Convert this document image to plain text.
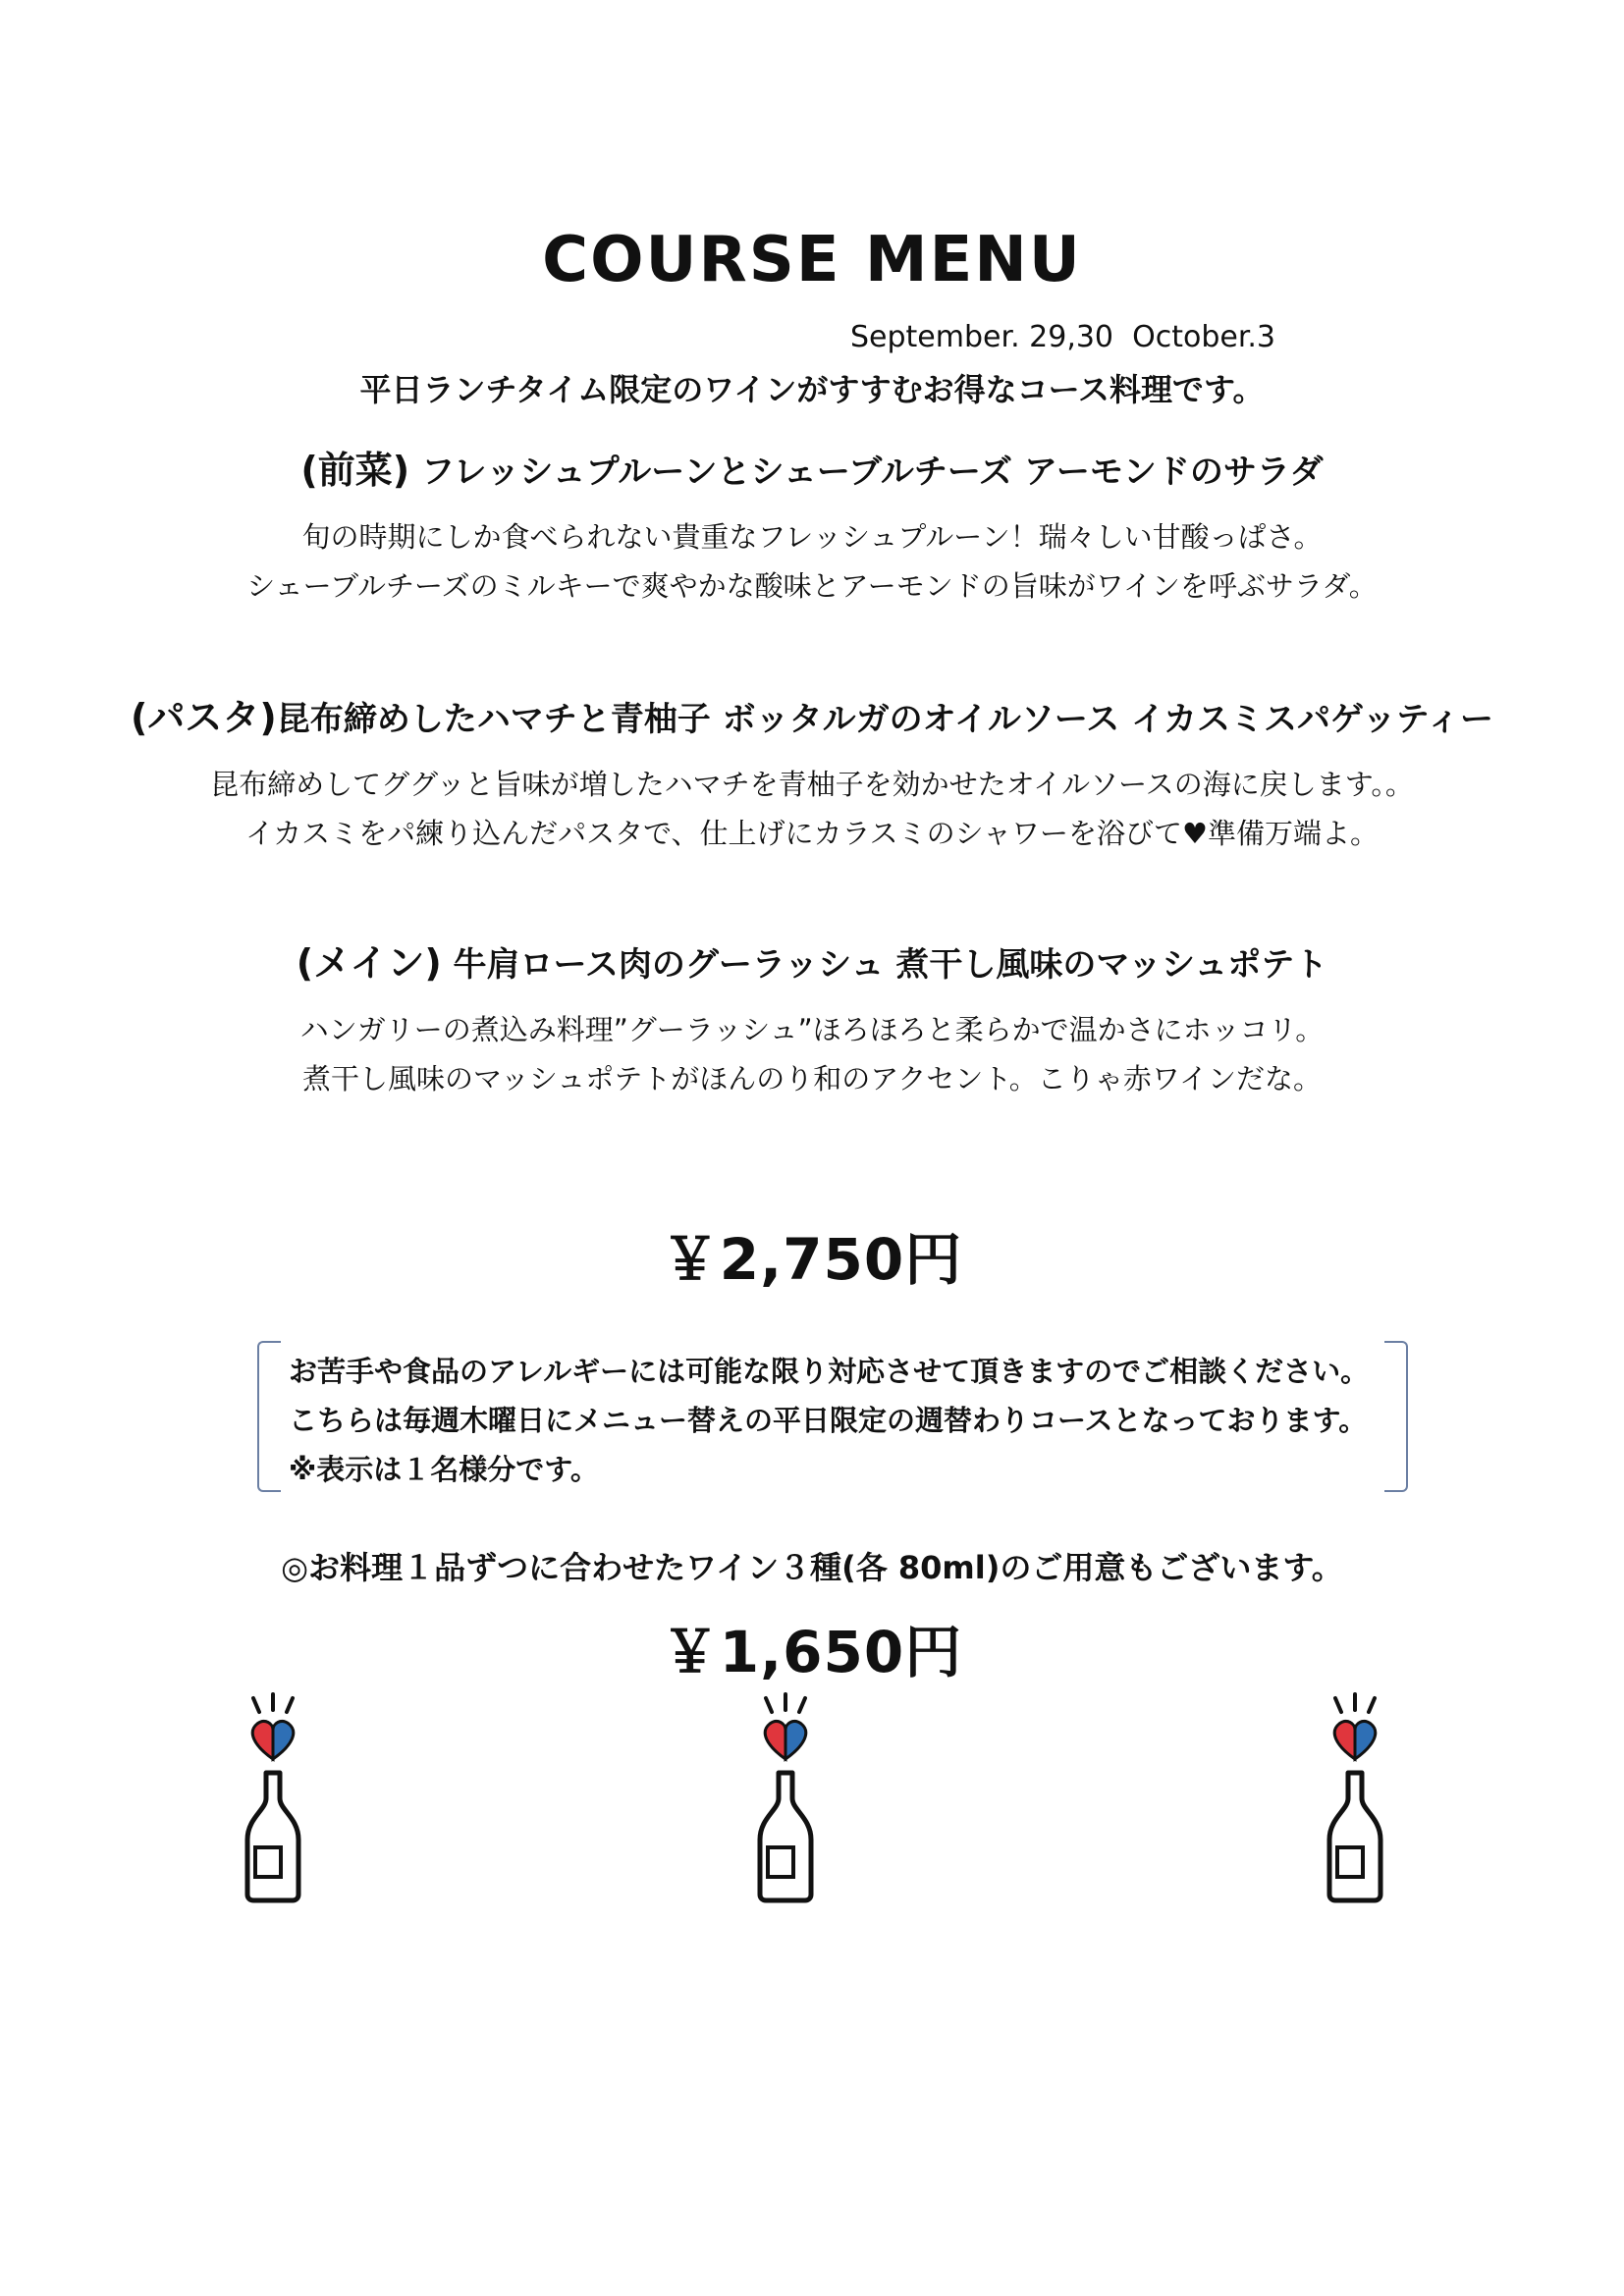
COURSE MENU
September. 29,30  October.3
平日ランチタイム限定のワインがすすむお得なコース料理です。
(前菜) フレッシュプルーンとシェーブルチーズ アーモンドのサラダ
旬の時期にしか食べられない貴重なフレッシュプルーン！瑞々しい甘酸っぱさ。
シェーブルチーズのミルキーで爽やかな酸味とアーモンドの旨味がワインを呼ぶサラダ。
(パスタ)昆布締めしたハマチと青柚子 ボッタルガのオイルソース イカスミスパゲッティー
昆布締めしてググッと旨味が増したハマチを青柚子を効かせたオイルソースの海に戻します。。
イカスミをパ練り込んだパスタで、仕上げにカラスミのシャワーを浴びて♥準備万端よ。
(メイン) 牛肩ロース肉のグーラッシュ 煮干し風味のマッシュポテト
ハンガリーの煮込み料理”グーラッシュ”ほろほろと柔らかで温かさにホッコリ。
煮干し風味のマッシュポテトがほんのり和のアクセント。こりゃ赤ワインだな。
￥2,750円
お苦手や食品のアレルギーには可能な限り対応させて頂きますのでご相談ください。
こちらは毎週木曜日にメニュー替えの平日限定の週替わりコースとなっております。
※表示は１名様分です。
◎お料理１品ずつに合わせたワイン３種(各 80ml)のご用意もございます。
￥1,650円
